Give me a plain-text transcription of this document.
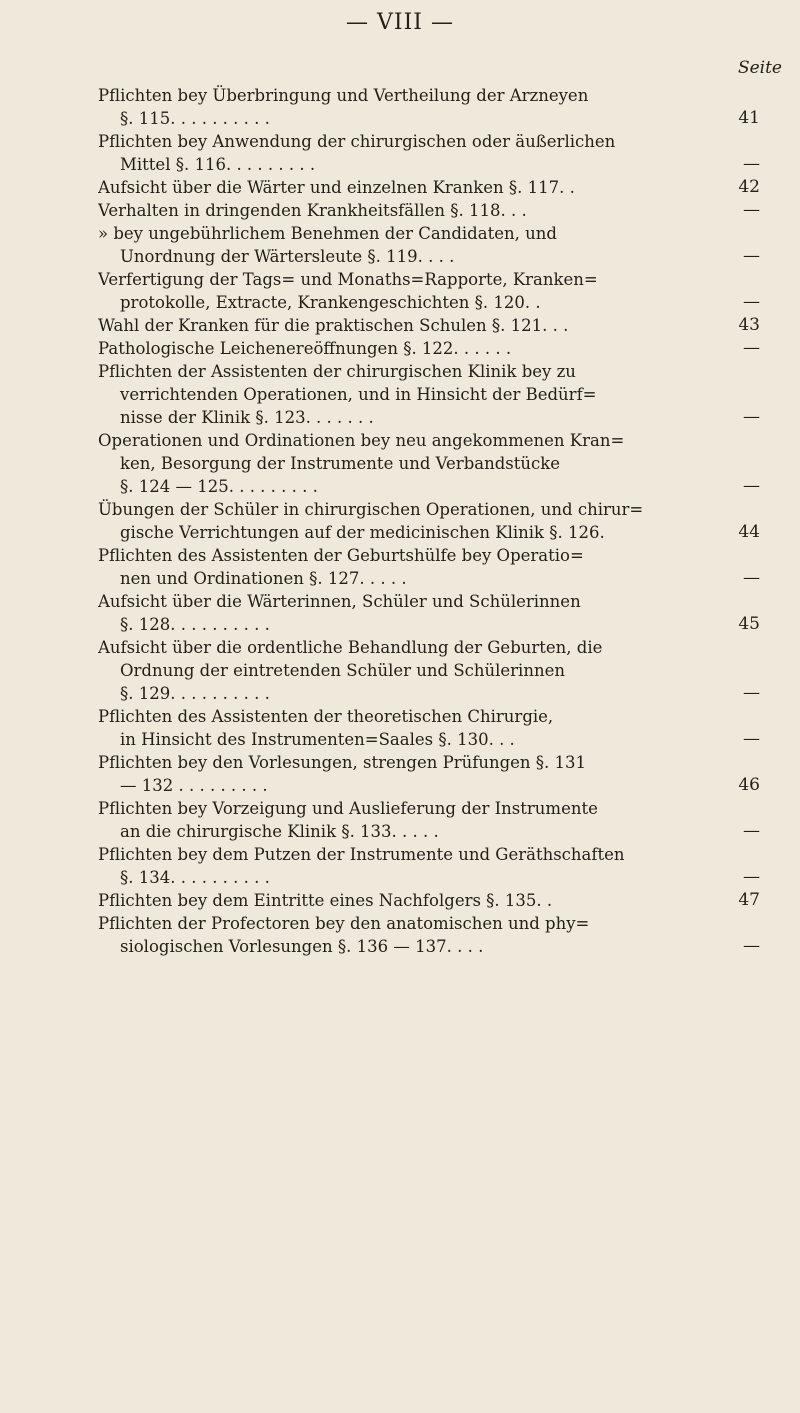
— VIII —
Seite
Pflichten bey Überbringung und Vertheilung der Arzneyen
§. 115. . . . . . . . . .	41
Pflichten bey Anwendung der chirurgischen oder äußerlichen
Mittel §. 116. . . . . . . . .	—
Aufsicht über die Wärter und einzelnen Kranken §. 117. .	42
Verhalten in dringenden Krankheitsfällen §. 118. . .	—
» bey ungebührlichem Benehmen der Candidaten, und
Unordnung der Wärtersleute §. 119. . . .	—
Verfertigung der Tags= und Monaths=Rapporte, Kranken=
protokolle, Extracte, Krankengeschichten §. 120. .	—
Wahl der Kranken für die praktischen Schulen §. 121. . .	43
Pathologische Leichenereöffnungen §. 122. . . . . .	—
Pflichten der Assistenten der chirurgischen Klinik bey zu
verrichtenden Operationen, und in Hinsicht der Bedürf=
nisse der Klinik §. 123. . . . . . .	—
Operationen und Ordinationen bey neu angekommenen Kran=
ken, Besorgung der Instrumente und Verbandstücke
§. 124 — 125. . . . . . . . .	—
Übungen der Schüler in chirurgischen Operationen, und chirur=
gische Verrichtungen auf der medicinischen Klinik §. 126.	44
Pflichten des Assistenten der Geburtshülfe bey Operatio=
nen und Ordinationen §. 127. . . . .	—
Aufsicht über die Wärterinnen, Schüler und Schülerinnen
§. 128. . . . . . . . . .	45
Aufsicht über die ordentliche Behandlung der Geburten, die
Ordnung der eintretenden Schüler und Schülerinnen
§. 129. . . . . . . . . .	—
Pflichten des Assistenten der theoretischen Chirurgie,
in Hinsicht des Instrumenten=Saales §. 130. . .	—
Pflichten bey den Vorlesungen, strengen Prüfungen §. 131
— 132 . . . . . . . . .	46
Pflichten bey Vorzeigung und Auslieferung der Instrumente
an die chirurgische Klinik §. 133. . . . .	—
Pflichten bey dem Putzen der Instrumente und Geräthschaften
§. 134. . . . . . . . . .	—
Pflichten bey dem Eintritte eines Nachfolgers §. 135. .	47
Pflichten der Profectoren bey den anatomischen und phy=
siologischen Vorlesungen §. 136 — 137. . . .	—
